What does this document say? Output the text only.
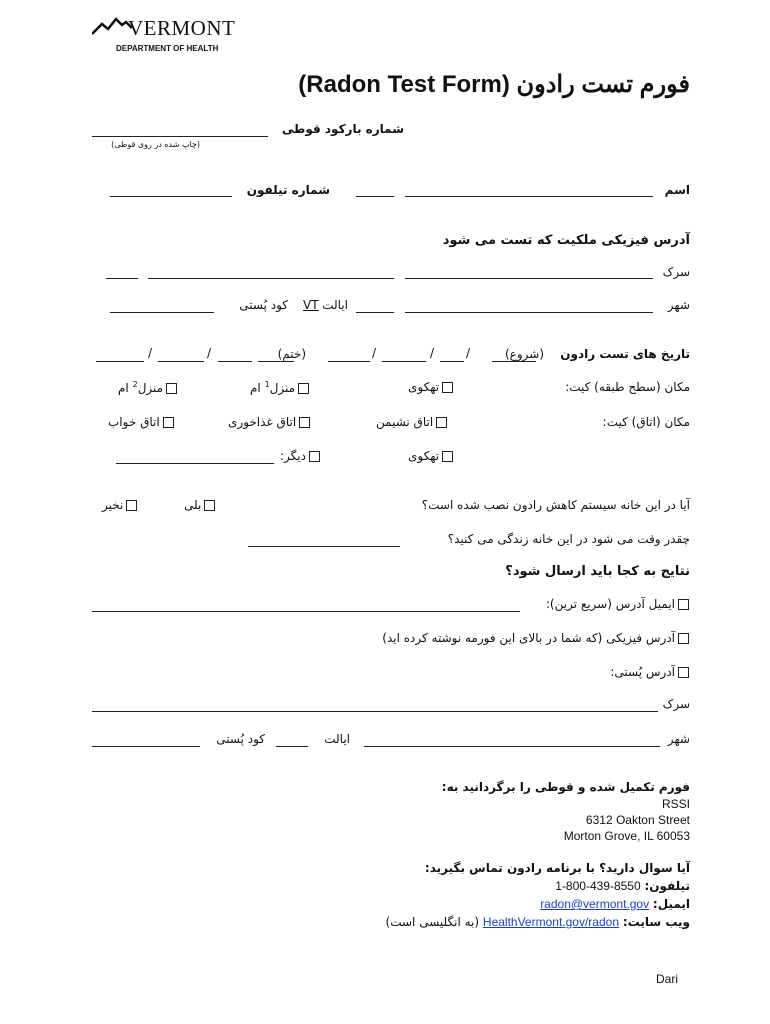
VERMONT
DEPARTMENT OF HEALTH
فورم تست رادون (Radon Test Form)
شماره بارکود قوطی
(چاپ شده در روی قوطی)
اسم
شماره تیلفون
آدرس فیزیکی ملکیت که تست می شود
سرک
شهر
ایالت
VT
کود پُستی
تاریخ های تست رادون
(شروع)
/
/
/
(ختم)
/
/
مکان (سطح طبقه) کیت:
تهکوی
منزل$^1$ ام
منزل$^2$ ام
مکان (اتاق) کیت:
اتاق نشیمن
اتاق غذاخوری
اتاق خواب
تهکوی
دیگر:
آیا در این خانه سیستم کاهش رادون نصب شده است؟
بلی
نخیر
چقدر وقت می شود در این خانه زندگی می کنید؟
نتایج به کجا باید ارسال شود؟
ایمیل آدرس (سریع ترین):
آدرس فیزیکی (که شما در بالای این فورمه نوشته کرده اید)
آدرس پُستی:
سرک
شهر
ایالت
کود پُستی
فورم تکمیل شده و قوطی را برگردانید به:
RSSI
6312 Oakton Street
Morton Grove, IL 60053
آیا سوال دارید؟ با برنامه رادون تماس بگیرید:
تیلفون: 1-800-439-8550
ایمیل: radon@vermont.gov
ویب سایت: HealthVermont.gov/radon (به انگلیسی است)
Dari
